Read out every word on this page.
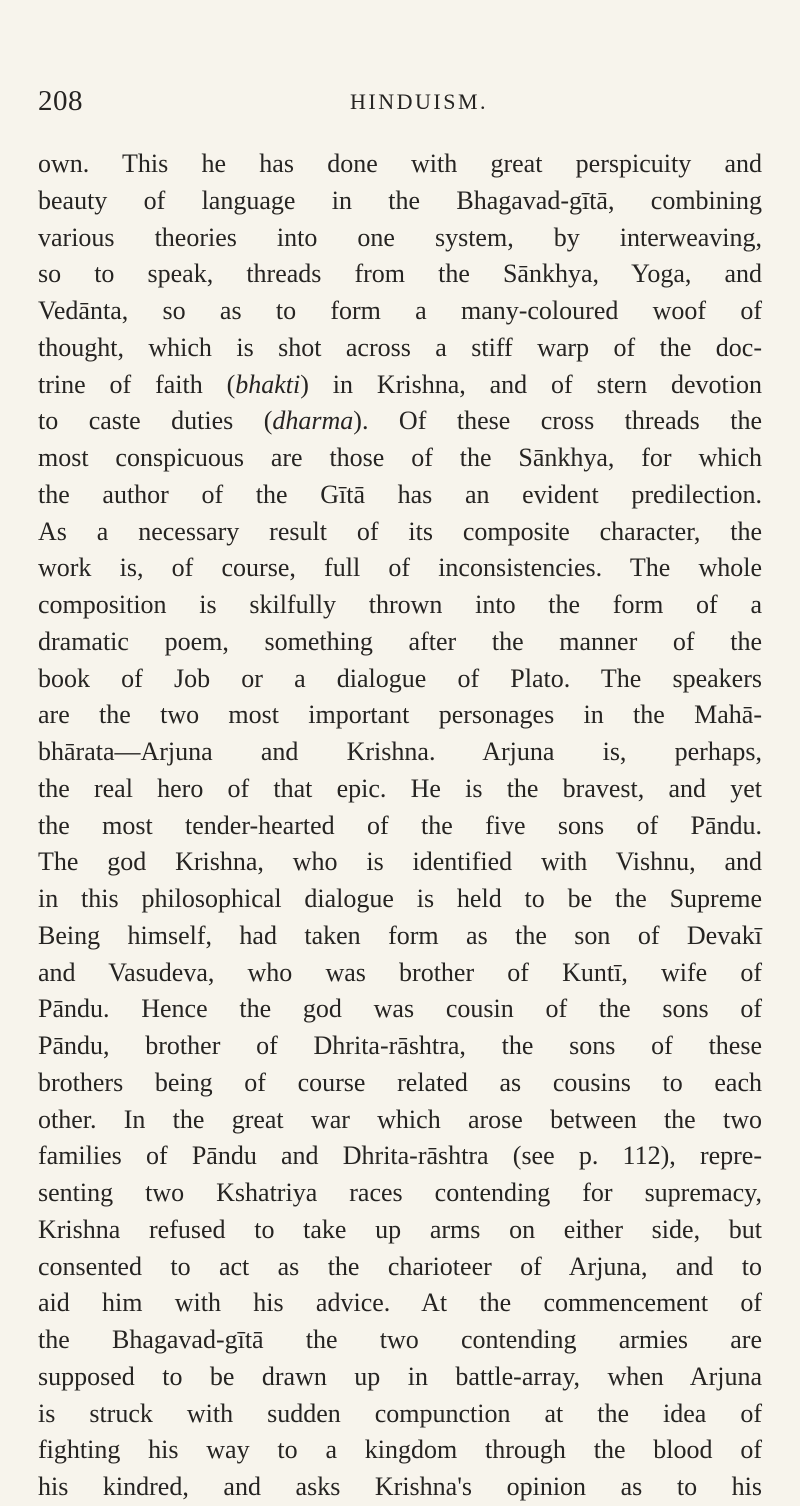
208	HINDUISM.
own. This he has done with great perspicuity and
beauty of language in the Bhagavad-gītā, combining
various theories into one system, by interweaving,
so to speak, threads from the Sānkhya, Yoga, and
Vedānta, so as to form a many-coloured woof of
thought, which is shot across a stiff warp of the doc-
trine of faith (bhakti) in Krishna, and of stern devotion
to caste duties (dharma). Of these cross threads the
most conspicuous are those of the Sānkhya, for which
the author of the Gītā has an evident predilection.
As a necessary result of its composite character, the
work is, of course, full of inconsistencies. The whole
composition is skilfully thrown into the form of a
dramatic poem, something after the manner of the
book of Job or a dialogue of Plato. The speakers
are the two most important personages in the Mahā-
bhārata—Arjuna and Krishna. Arjuna is, perhaps,
the real hero of that epic. He is the bravest, and yet
the most tender-hearted of the five sons of Pāndu.
The god Krishna, who is identified with Vishnu, and
in this philosophical dialogue is held to be the Supreme
Being himself, had taken form as the son of Devakī
and Vasudeva, who was brother of Kuntī, wife of
Pāndu. Hence the god was cousin of the sons of
Pāndu, brother of Dhrita-rāshtra, the sons of these
brothers being of course related as cousins to each
other. In the great war which arose between the two
families of Pāndu and Dhrita-rāshtra (see p. 112), repre-
senting two Kshatriya races contending for supremacy,
Krishna refused to take up arms on either side, but
consented to act as the charioteer of Arjuna, and to
aid him with his advice. At the commencement of
the Bhagavad-gītā the two contending armies are
supposed to be drawn up in battle-array, when Arjuna
is struck with sudden compunction at the idea of
fighting his way to a kingdom through the blood of
his kindred, and asks Krishna's opinion as to his
